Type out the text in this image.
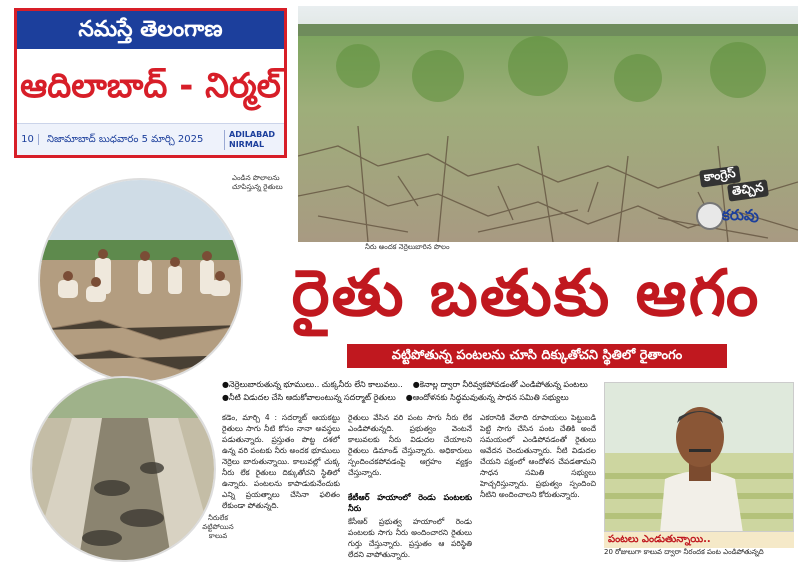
నమస్తే తెలంగాణ
ఆదిలాబాద్ - నిర్మల్
10	నిజామాబాద్ బుధవారం 5 మార్చి 2025	ADILABAD
NIRMAL
నీరు అందక నెర్రెలుబారిన పొలం
కాంగ్రెస్
తెచ్చిన
కరువు
ఎండిన పొలాలను చూపిస్తున్న రైతులు
నీరులేక వట్టిపోయిన కాలువ
రైతు బతుకు ఆగం
వట్టిపోతున్న పంటలను చూసి దిక్కుతోచని స్థితిలో రైతాంగం
● నెర్రెలుబారుతున్న భూములు.. చుక్కనీరు లేని కాలువలు..	● కెనాల్ల ద్వారా నీరివ్వకపోవడంతో ఎండిపోతున్న పంటలు
● నీటి విడుదల చేసి ఆదుకోవాలంటున్న సదర్మాట్ రైతులు	● ఆందోళనకు సిద్ధమవుతున్న సాధన సమితి సభ్యులు
కడెం, మార్చి 4 : సదర్మాట్ ఆయకట్టు రైతులు సాగు నీటి కోసం నానా అవస్థలు పడుతున్నారు. ప్రస్తుతం పొట్ట దశలో ఉన్న వరి పంటకు నీరు అందక భూములు నెర్రెలు బారుతున్నాయి. కాలువల్లో చుక్క నీరు లేక రైతులు దిక్కుతోచని స్థితిలో ఉన్నారు. పంటలను కాపాడుకునేందుకు ఎన్ని ప్రయత్నాలు చేసినా ఫలితం లేకుండా పోతున్నది.
రైతులు వేసిన వరి పంట సాగు నీరు లేక ఎండిపోతున్నది. ప్రభుత్వం వెంటనే కాలువలకు నీరు విడుదల చేయాలని రైతులు డిమాండ్ చేస్తున్నారు. అధికారులు స్పందించకపోవడంపై ఆగ్రహం వ్యక్తం చేస్తున్నారు.
కేటీఆర్ హయాంలో రెండు పంటలకు నీరు
కేసీఆర్ ప్రభుత్వ హయాంలో రెండు పంటలకు సాగు నీరు అందించారని రైతులు గుర్తు చేస్తున్నారు. ప్రస్తుతం ఆ పరిస్థితి లేదని వాపోతున్నారు.
ఎకరానికి వేలాది రూపాయలు పెట్టుబడి పెట్టి సాగు చేసిన పంట చేతికి అందే సమయంలో ఎండిపోవడంతో రైతులు ఆవేదన చెందుతున్నారు. నీటి విడుదల చేయని పక్షంలో ఆందోళన చేపడతామని సాధన సమితి సభ్యులు హెచ్చరిస్తున్నారు. ప్రభుత్వం స్పందించి నీటిని అందించాలని కోరుతున్నారు.
పంటలు ఎండుతున్నాయి..
20 రోజులుగా కాలువ ద్వారా నీరందక పంట ఎండిపోతున్నది
